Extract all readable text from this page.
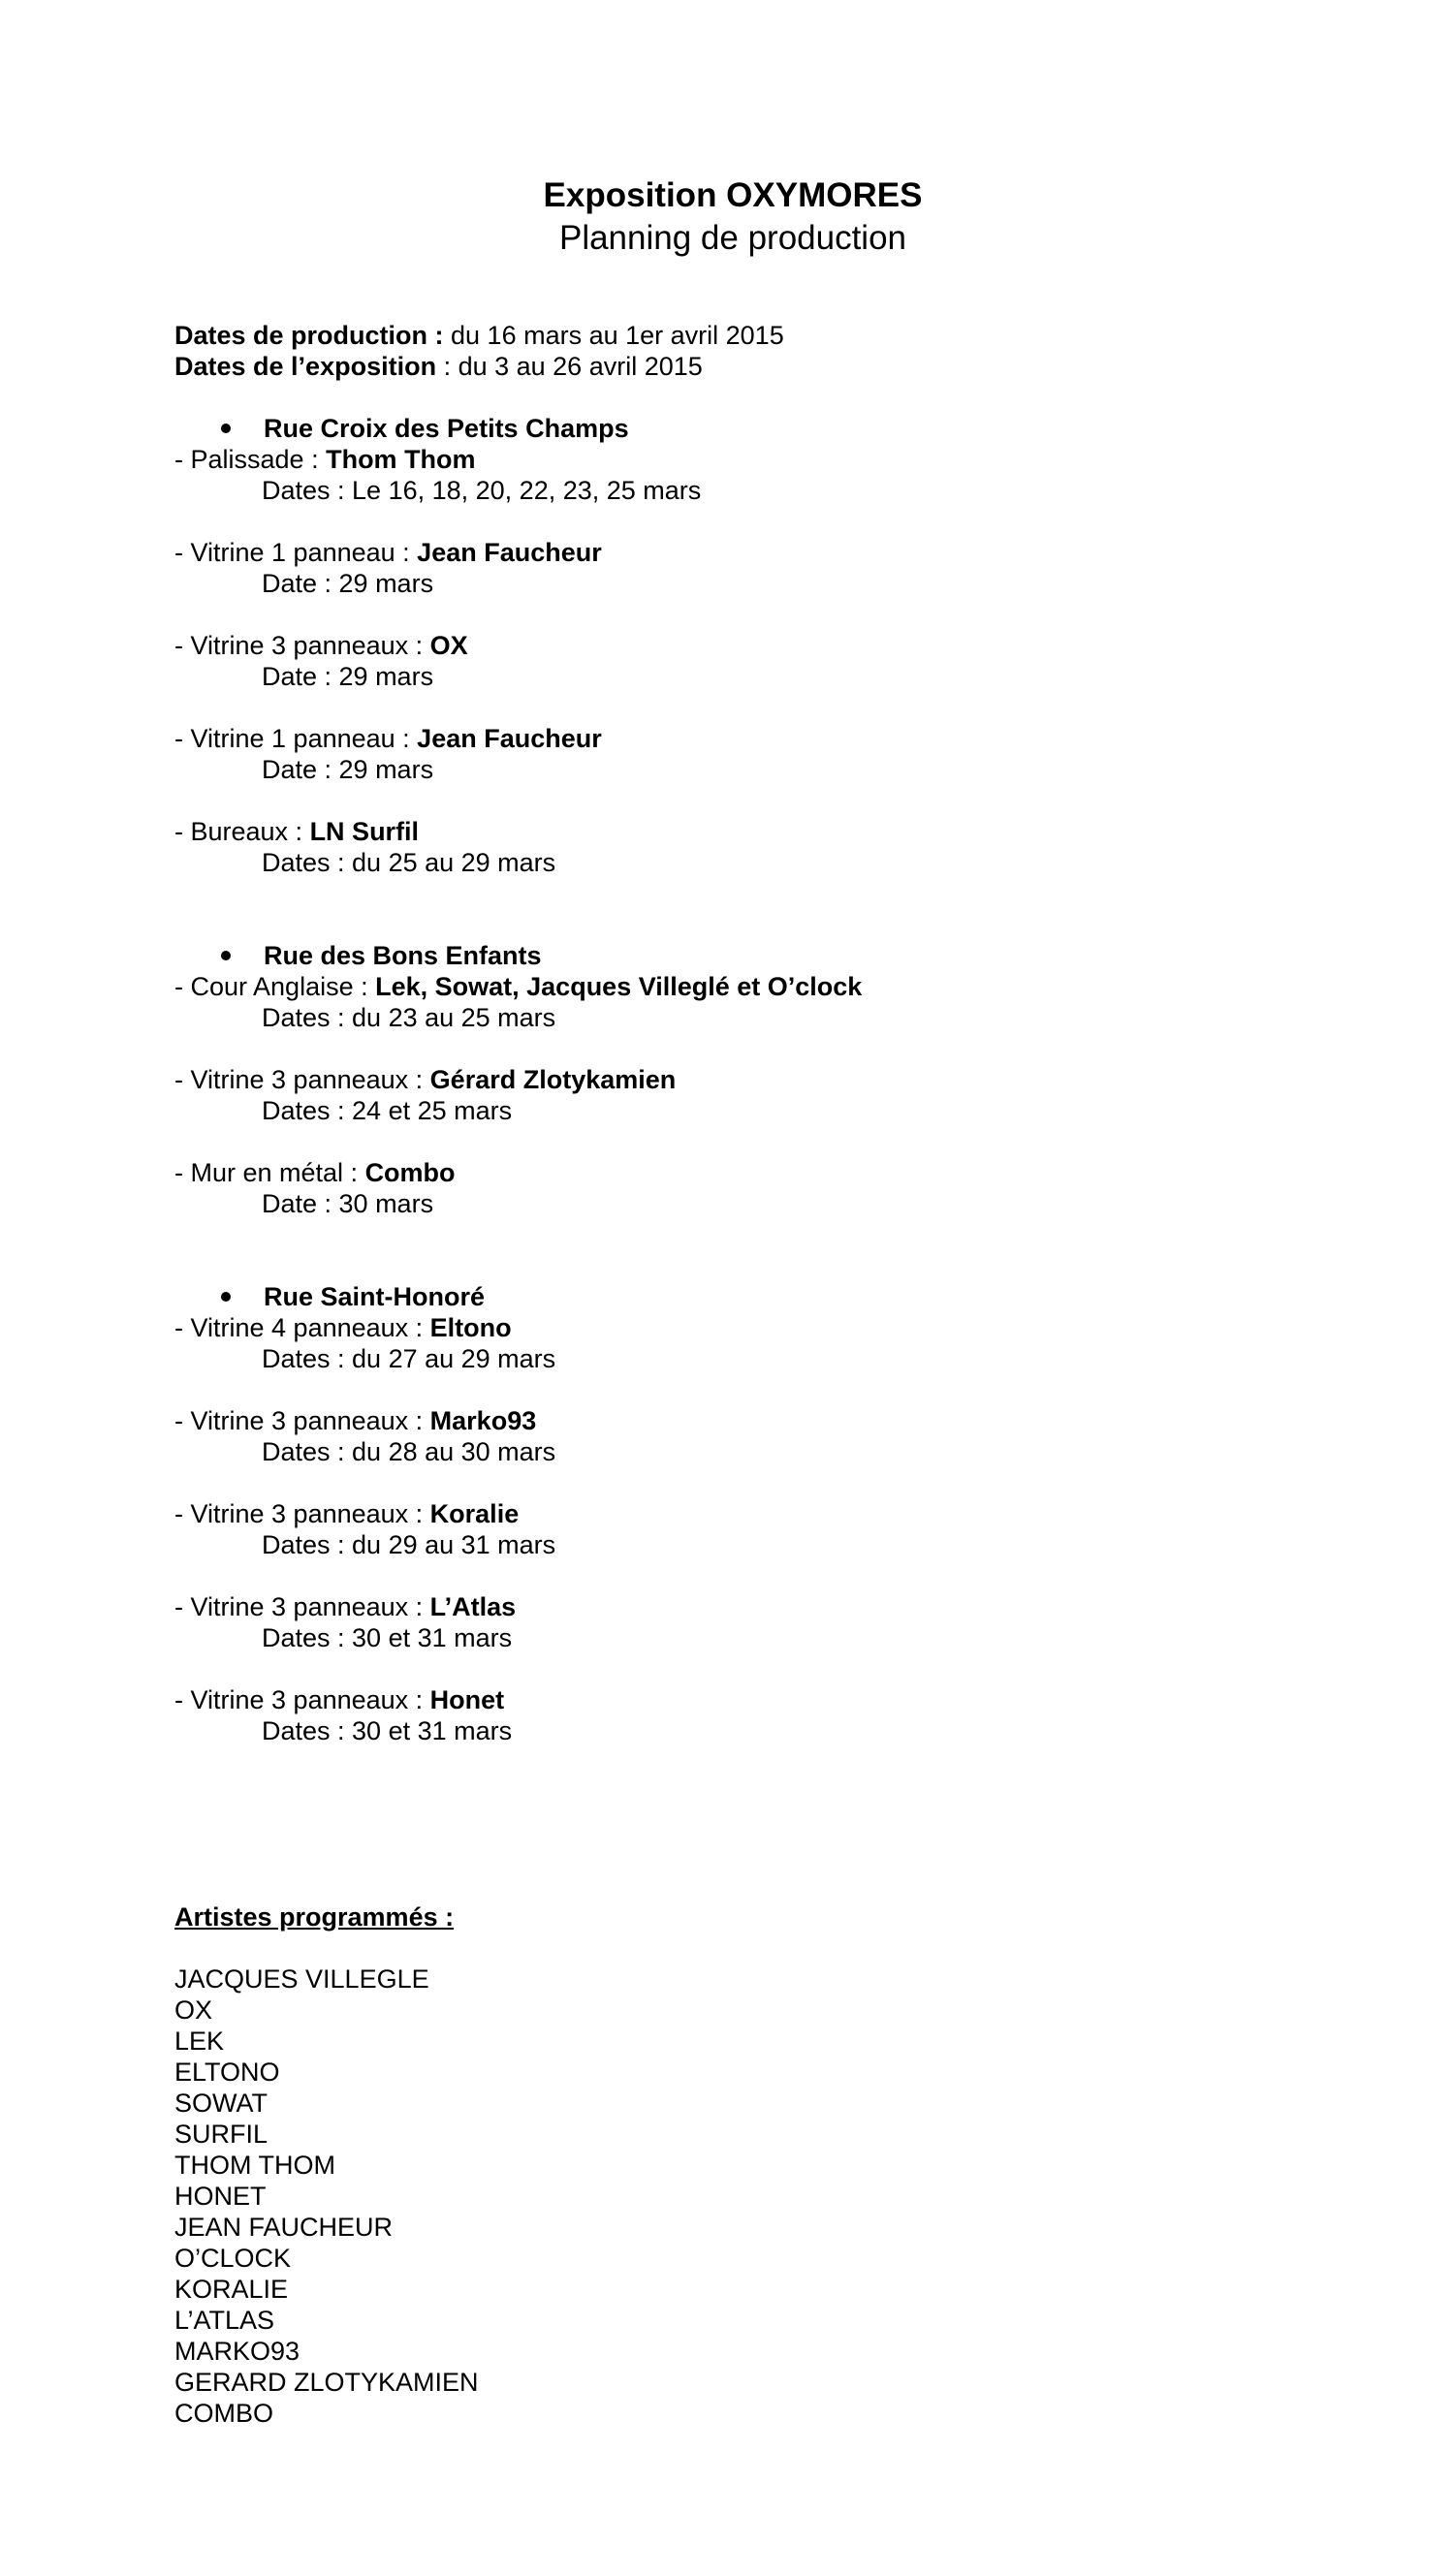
Exposition OXYMORES

Planning de production

Dates de production : du 16 mars au 1er avril 2015

Dates de l’exposition : du 3 au 26 avril 2015

Rue Croix des Petits Champs

- Palissade : Thom Thom

Dates : Le 16, 18, 20, 22, 23, 25 mars

- Vitrine 1 panneau : Jean Faucheur

Date : 29 mars

- Vitrine 3 panneaux : OX

Date : 29 mars

- Vitrine 1 panneau : Jean Faucheur

Date : 29 mars

- Bureaux : LN Surfil

Dates : du 25 au 29 mars

Rue des Bons Enfants

- Cour Anglaise : Lek, Sowat, Jacques Villeglé et O’clock

Dates : du 23 au 25 mars

- Vitrine 3 panneaux : Gérard Zlotykamien

Dates : 24 et 25 mars

- Mur en métal : Combo

Date : 30 mars

Rue Saint-Honoré

- Vitrine 4 panneaux : Eltono

Dates : du 27 au 29 mars

- Vitrine 3 panneaux : Marko93

Dates : du 28 au 30 mars

- Vitrine 3 panneaux : Koralie

Dates : du 29 au 31 mars

- Vitrine 3 panneaux : L’Atlas

Dates : 30 et 31 mars

- Vitrine 3 panneaux : Honet

Dates : 30 et 31 mars

Artistes programmés :

JACQUES VILLEGLE

OX

LEK

ELTONO

SOWAT

SURFIL

THOM THOM

HONET

JEAN FAUCHEUR

O’CLOCK

KORALIE

L’ATLAS

MARKO93

GERARD ZLOTYKAMIEN

COMBO
